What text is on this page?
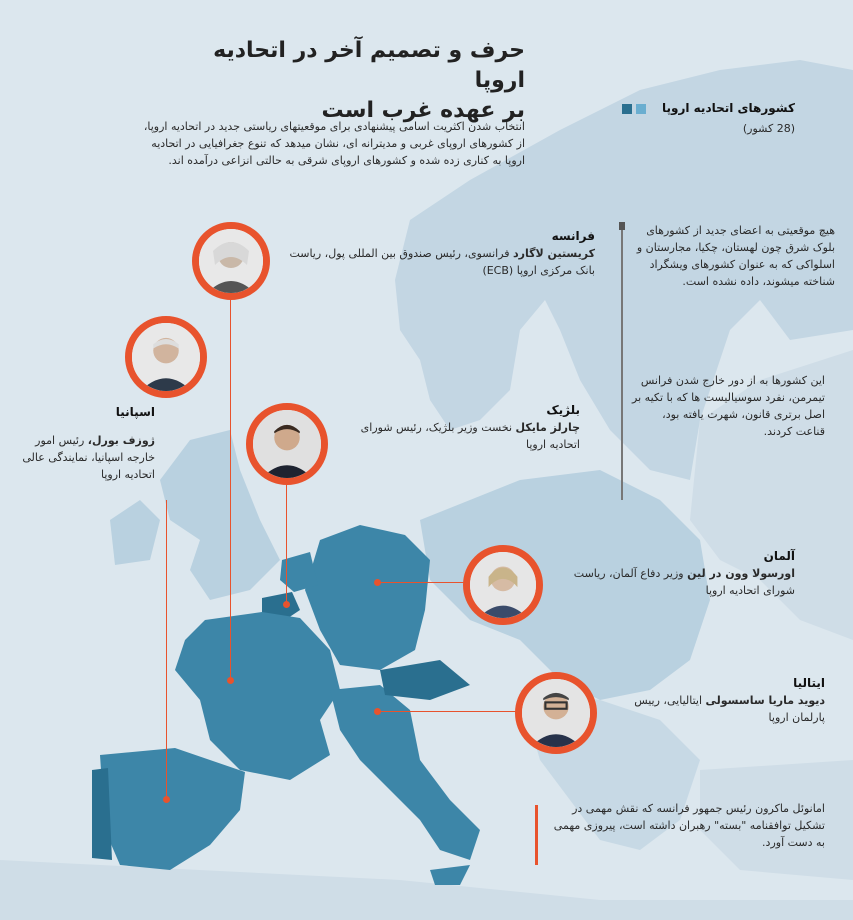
حرف و تصمیم آخر در اتحادیه اروپا
بر عهده غرب است
انتخاب شدن اکثریت اسامی پیشنهادی برای موقعیتهای ریاستی جدید در اتحادیه اروپا، از کشورهای اروپای غربی و مدیترانه ای، نشان میدهد که تنوع جغرافیایی در اتحادیه اروپا به کناری زده شده و کشورهای اروپای شرقی به حالتی انزاعی درآمده اند.
کشورهای اتحادیه اروپا
(28 کشور)
هیچ موقعیتی به اعضای جدید از کشورهای بلوک شرق چون لهستان، چکیا، مجارستان و اسلواکی که به عنوان کشورهای ویشگراد شناخته میشوند، داده نشده است.
این کشورها به از دور خارج شدن فرانس تیمرمن، نفرد سوسیالیست ها که با تکیه بر اصل برتری قانون، شهرت یافته بود، قناعت کردند.
امانوئل ماکرون رئیس جمهور فرانسه که نقش مهمی در تشکیل توافقنامه "بسته" رهبران داشته است، پیروزی مهمی به دست آورد.
فرانسه
کریستین لاگارد فرانسوی، رئیس صندوق بین المللی پول، ریاست بانک مرکزی اروپا (ECB)
اسپانیا
ژوزف بورل، رئیس امور خارجه اسپانیا، نمایندگی عالی اتحادیه اروپا
بلژیک
چارلز مایکل نخست وزیر بلژیک، رئیس شورای اتحادیه اروپا
آلمان
اورسولا وون در لین وزیر دفاع آلمان، ریاست شورای اتحادیه اروپا
ایتالیا
دیوید ماریا ساسسولی ایتالیایی، رییس پارلمان اروپا
